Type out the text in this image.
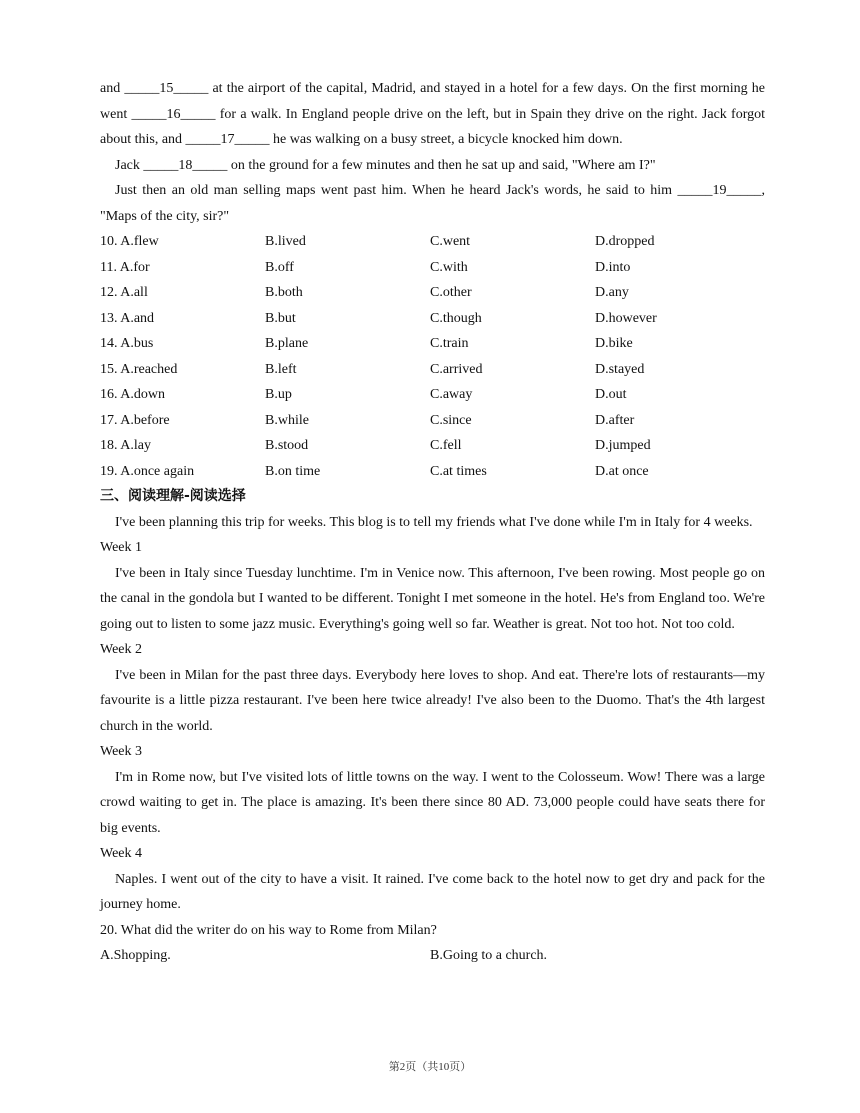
and _____15_____ at the airport of the capital, Madrid, and stayed in a hotel for a few days. On the first morning he went _____16_____ for a walk. In England people drive on the left, but in Spain they drive on the right. Jack forgot about this, and _____17_____ he was walking on a busy street, a bicycle knocked him down.

Jack _____18_____ on the ground for a few minutes and then he sat up and said, "Where am I?"

Just then an old man selling maps went past him. When he heard Jack's words, he said to him _____19_____, "Maps of the city, sir?"

10. A.flew	B.lived	C.went	D.dropped
11. A.for	B.off	C.with	D.into
12. A.all	B.both	C.other	D.any
13. A.and	B.but	C.though	D.however
14. A.bus	B.plane	C.train	D.bike
15. A.reached	B.left	C.arrived	D.stayed
16. A.down	B.up	C.away	D.out
17. A.before	B.while	C.since	D.after
18. A.lay	B.stood	C.fell	D.jumped
19. A.once again	B.on time	C.at times	D.at once
三、阅读理解-阅读选择

I've been planning this trip for weeks. This blog is to tell my friends what I've done while I'm in Italy for 4 weeks.

Week 1

I've been in Italy since Tuesday lunchtime. I'm in Venice now. This afternoon, I've been rowing. Most people go on the canal in the gondola but I wanted to be different. Tonight I met someone in the hotel. He's from England too. We're going out to listen to some jazz music. Everything's going well so far. Weather is great. Not too hot. Not too cold.

Week 2

I've been in Milan for the past three days. Everybody here loves to shop. And eat. There're lots of restaurants—my favourite is a little pizza restaurant. I've been here twice already! I've also been to the Duomo. That's the 4th largest church in the world.

Week 3

I'm in Rome now, but I've visited lots of little towns on the way. I went to the Colosseum. Wow! There was a large crowd waiting to get in. The place is amazing. It's been there since 80 AD. 73,000 people could have seats there for big events.

Week 4

Naples. I went out of the city to have a visit. It rained. I've come back to the hotel now to get dry and pack for the journey home.

20. What did the writer do on his way to Rome from Milan?
A.Shopping.	B.Going to a church.
第2页（共10页）
